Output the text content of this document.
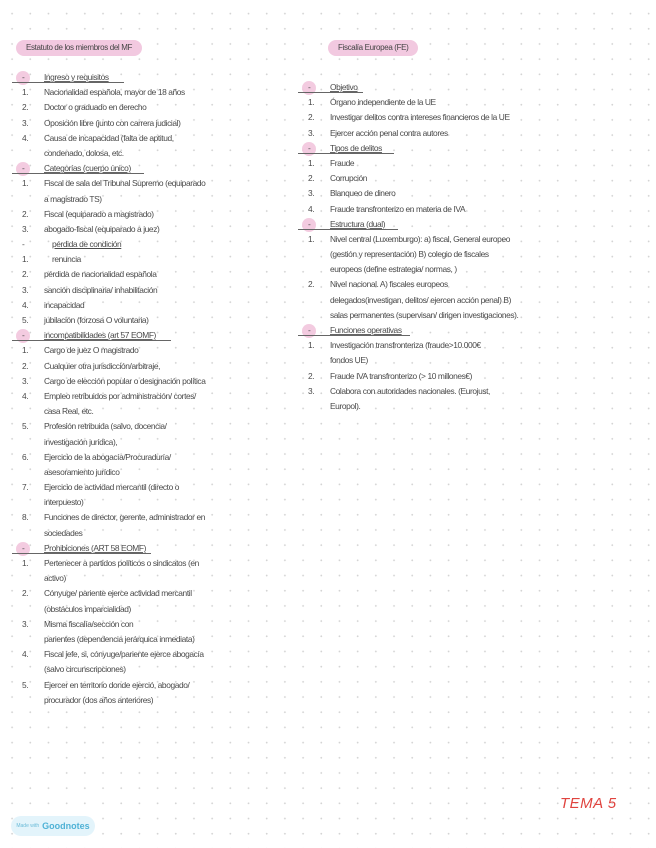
Estatuto de los miembros del MF	Fiscalía Europea (FE)
-	Ingreso y requisitos
1.	Nacionalidad española, mayor de 18 años
2.	Doctor o graduado en derecho
3.	Oposición libre (junto con carrera judicial)
4.	Causa de incapacidad (falta de aptitud,
condenado, dolosa, etc.
-	Categorías (cuerpo único)
1.	Fiscal de sala del Tribunal Supremo (equiparado
a magistrado TS)
2.	Fiscal (equiparado a magistrado)
3.	abogado-fiscal (equiparado a juez)
-	pérdida de condición
1.	renuncia
2.	pérdida de nacionalidad española
3.	sanción disciplinaria/ inhabilitación
4.	incapacidad
5.	jubilación (forzosa O voluntaria)
-	incompatibilidades (art 57 EOMF)
1.	Cargo de juez O magistrado
2.	Cualquier otra jurisdicción/arbitraje,
3.	Cargo de elección popular o designación política
4.	Empleo retribuidos por administración/ cortes/
casa Real, etc.
5.	Profesión retribuida (salvo, docencia/
investigación jurídica),
6.	Ejercicio de la abogacía/Procuraduría/
asesoramiento jurídico
7.	Ejercicio de actividad mercantil (directo o
interpuesto)
8.	Funciones de director, gerente, administrador en
sociedades
-	Prohibiciones (ART 58 EOMF)
1.	Pertenecer a partidos políticos o sindicatos (en
activo)
2.	Cónyuge/ pariente ejerce actividad mercantil
(obstáculos imparcialidad)
3.	Misma fiscalía/sección con
parientes (dependencia jerárquica inmediata)
4.	Fiscal jefe, si, cónyuge/pariente ejerce abogacía
(salvo circunscripciones)
5.	Ejercer en territorio donde ejerció, abogado/
procurador (dos años anteriores)
-	Objetivo
1.	Órgano independiente de la UE
2.	Investigar delitos contra intereses financieros de la UE
3.	Ejercer acción penal contra autores
-	Tipos de delitos
1.	Fraude
2.	Corrupción
3.	Blanqueo de dinero
4.	Fraude transfronterizo en materia de IVA
-	Estructura (dual)
1.	Nivel central (Luxemburgo): a) fiscal, General europeo
(gestión y representación) B) colegio de fiscales
europeos (define estrategia/ normas, )
2.	Nivel nacional. A) fiscales europeos
delegados(investigan, delitos/ ejercen acción penal) B)
salas permanentes (supervisan/ dirigen investigaciones).
-	Funciones operativas
1.	Investigación transfronteriza (fraude>10.000€
fondos UE)
2.	Fraude IVA transfronterizo (> 10 millones€)
3.	Colabora con autoridades nacionales. (Eurojust,
Europol).
TEMA 5
Made with Goodnotes
